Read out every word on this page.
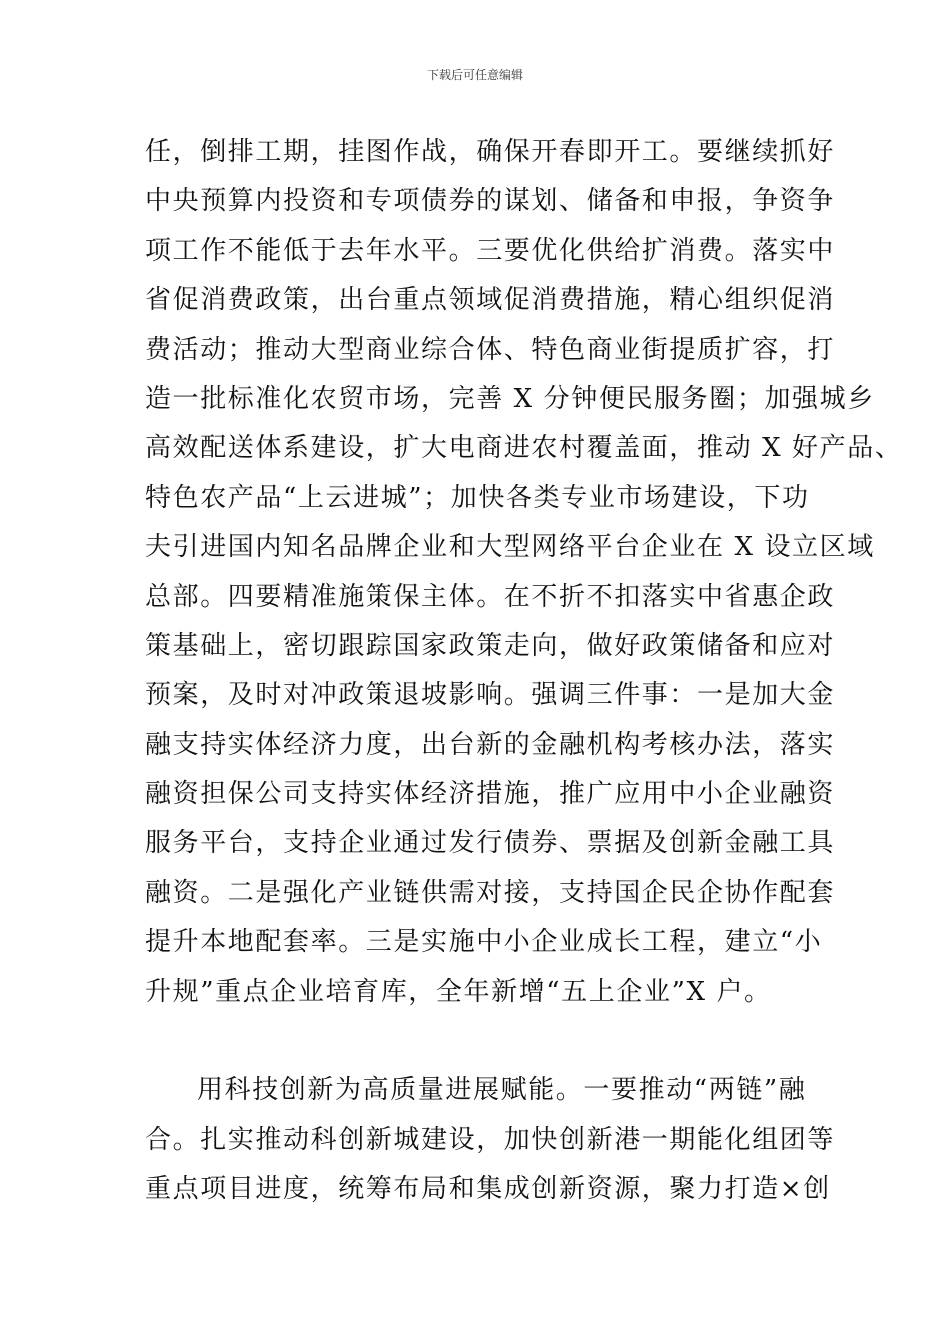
下载后可任意编辑
任，倒排工期，挂图作战，确保开春即开工。要继续抓好
中央预算内投资和专项债券的谋划、储备和申报，争资争
项工作不能低于去年水平。三要优化供给扩消费。落实中
省促消费政策，出台重点领域促消费措施，精心组织促消
费活动；推动大型商业综合体、特色商业街提质扩容，打
造一批标准化农贸市场，完善 X 分钟便民服务圈；加强城乡
高效配送体系建设，扩大电商进农村覆盖面，推动 X 好产品、
特色农产品“上云进城”；加快各类专业市场建设，下功
夫引进国内知名品牌企业和大型网络平台企业在 X 设立区域
总部。四要精准施策保主体。在不折不扣落实中省惠企政
策基础上，密切跟踪国家政策走向，做好政策储备和应对
预案，及时对冲政策退坡影响。强调三件事：一是加大金
融支持实体经济力度，出台新的金融机构考核办法，落实
融资担保公司支持实体经济措施，推广应用中小企业融资
服务平台，支持企业通过发行债券、票据及创新金融工具
融资。二是强化产业链供需对接，支持国企民企协作配套
提升本地配套率。三是实施中小企业成长工程，建立“小
升规”重点企业培育库，全年新增“五上企业”X 户。
用科技创新为高质量进展赋能。一要推动“两链”融
合。扎实推动科创新城建设，加快创新港一期能化组团等
重点项目进度，统筹布局和集成创新资源，聚力打造×创
